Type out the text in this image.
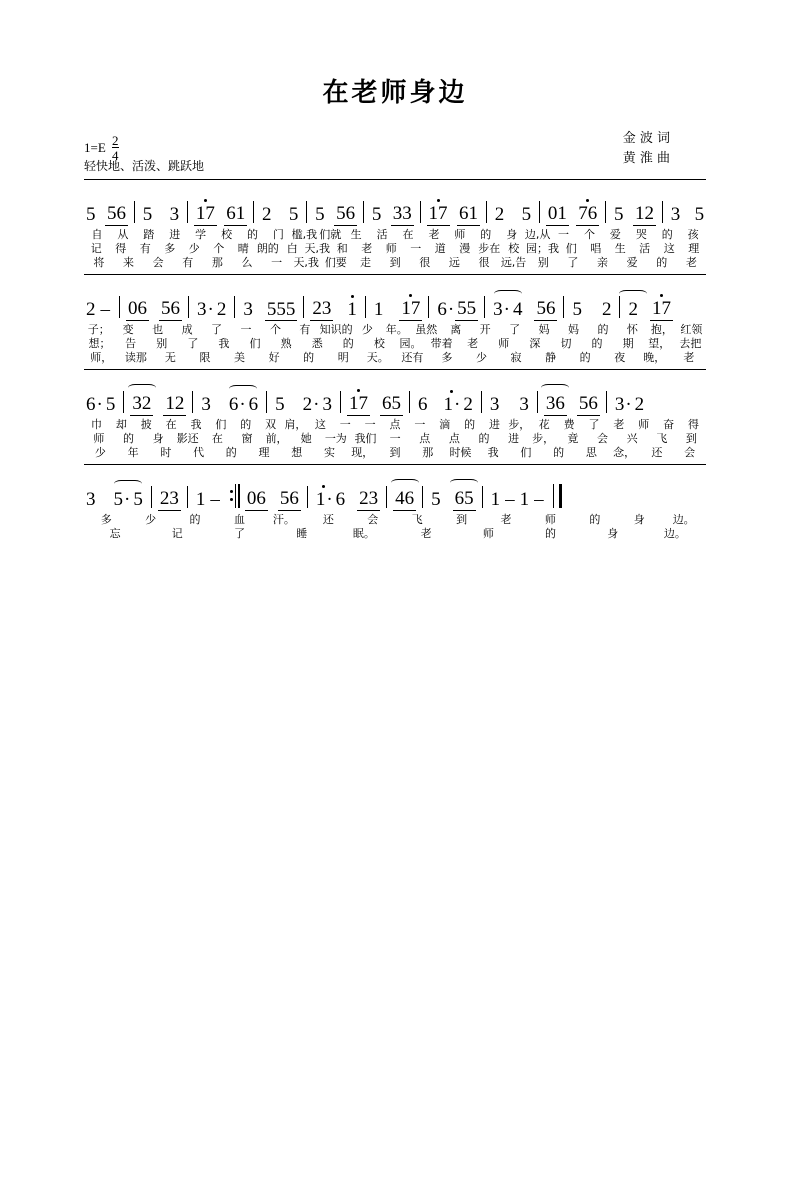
在老师身边
$1=E \frac{2}{4}$
轻快地、活泼、跳跃地
金 波 词
黄 淮 曲
5 56 5 3 17 61 2 5 5 56 5 33 17 61 2 5 01 76 5 12 3 5
自	从	踏	进	学	校	的	门 槛,我 们就 生	活	在	老	师	的	身 边,从 一	个	爱	哭	的	孩
记	得	有	多	少	个	晴 朗的 白 天,我 和	老	师	一	道	漫 步在 校 园；我 们	唱	生	活	这	理
将	来	会	有	那	么	一	天,我 们要	走	到	很	远	很	远,告	别	了	亲	爱	的	老
2 – 06 56 3 · 2 3 555 23 1 1 17 6 · 55 3 · 4 56 5 2 2 17
子；	变	也	成	了	一	个	有 知识的 少	年。 虽然	离	开	了	妈	妈	的	怀	抱， 红领
想；	告	别	了	我	们	熟	悉	的	校	园。 带着	老	师	深	切	的	期	望， 去把
师，	读那	无	限	美	好	的	明	天。	还有	多	少	寂	静	的	夜	晚，	老
6 · 5 32 12 3 6 · 6 5 2 · 3 17 65 6 1 · 2 3 3 36 56 3 · 2
巾	却	披	在	我	们	的	双 肩， 这	一	一	点	一	滴	的	进 步， 花	费	了	老	师	奋	得
师	的	身	影还	在	窗	前，	她	一为 我们	一	点	点	的	进	步，	竟	会	兴	飞	到
少	年	时	代	的	理	想	实	现，	到	那	时候	我	们	的	思	念，	还	会
3 5 · 5 23 1 – 06 56 1 · 6 23 46 5 65 1 – 1 –
多	少	的	血	汗。	还	会	飞	到	老	师	的	身	边。
忘	记	了	睡	眠。	老	师	的	身	边。
